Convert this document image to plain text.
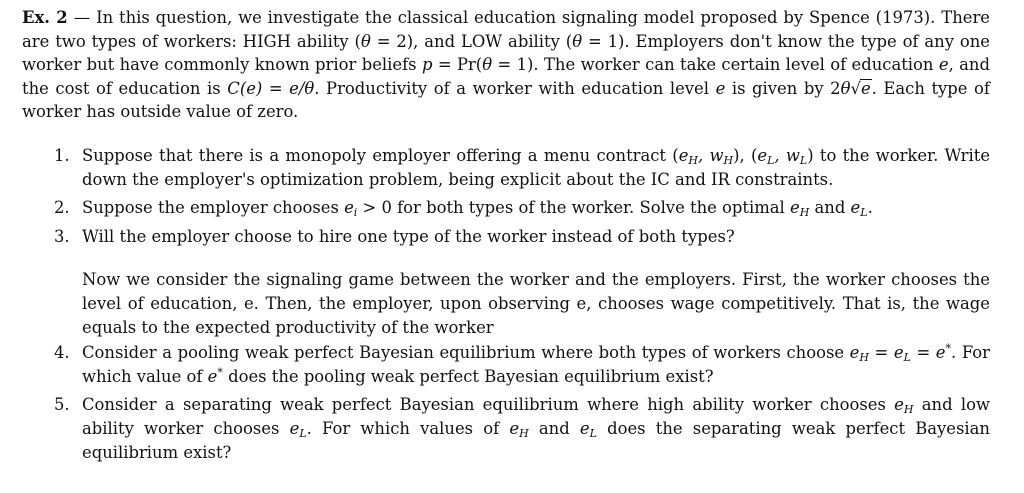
Ex. 2 — In this question, we investigate the classical education signaling model proposed by Spence (1973). There are two types of workers: HIGH ability (θ = 2), and LOW ability (θ = 1). Employers don't know the type of any one worker but have commonly known prior beliefs p = Pr(θ = 1). The worker can take certain level of education e, and the cost of education is C(e) = e/θ. Productivity of a worker with education level e is given by 2θ√e. Each type of worker has outside value of zero.

1. Suppose that there is a monopoly employer offering a menu contract ($e_H$, $w_H$), ($e_L$, $w_L$) to the worker. Write down the employer's optimization problem, being explicit about the IC and IR constraints.
2. Suppose the employer chooses $e_i > 0$ for both types of the worker. Solve the optimal $e_H$ and $e_L$.
3. Will the employer choose to hire one type of the worker instead of both types?

Now we consider the signaling game between the worker and the employers. First, the worker chooses the level of education, e. Then, the employer, upon observing e, chooses wage competitively. That is, the wage equals to the expected productivity of the worker

4. Consider a pooling weak perfect Bayesian equilibrium where both types of workers choose $e_H = e_L = e^*$. For which value of e* does the pooling weak perfect Bayesian equilibrium exist?
5. Consider a separating weak perfect Bayesian equilibrium where high ability worker chooses $e_H$ and low ability worker chooses $e_L$. For which values of $e_H$ and $e_L$ does the separating weak perfect Bayesian equilibrium exist?
